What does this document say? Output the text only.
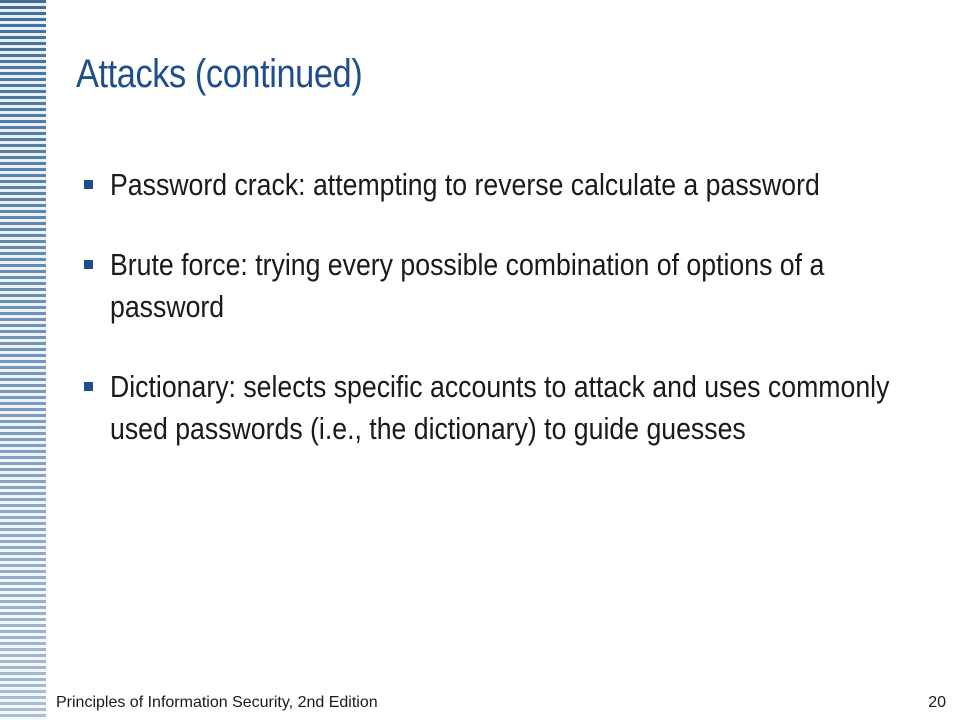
Attacks (continued)
Password crack: attempting to reverse calculate a password
Brute force: trying every possible combination of options of a password
Dictionary: selects specific accounts to attack and uses commonly used passwords (i.e., the dictionary) to guide guesses
Principles of Information Security, 2nd Edition	20
